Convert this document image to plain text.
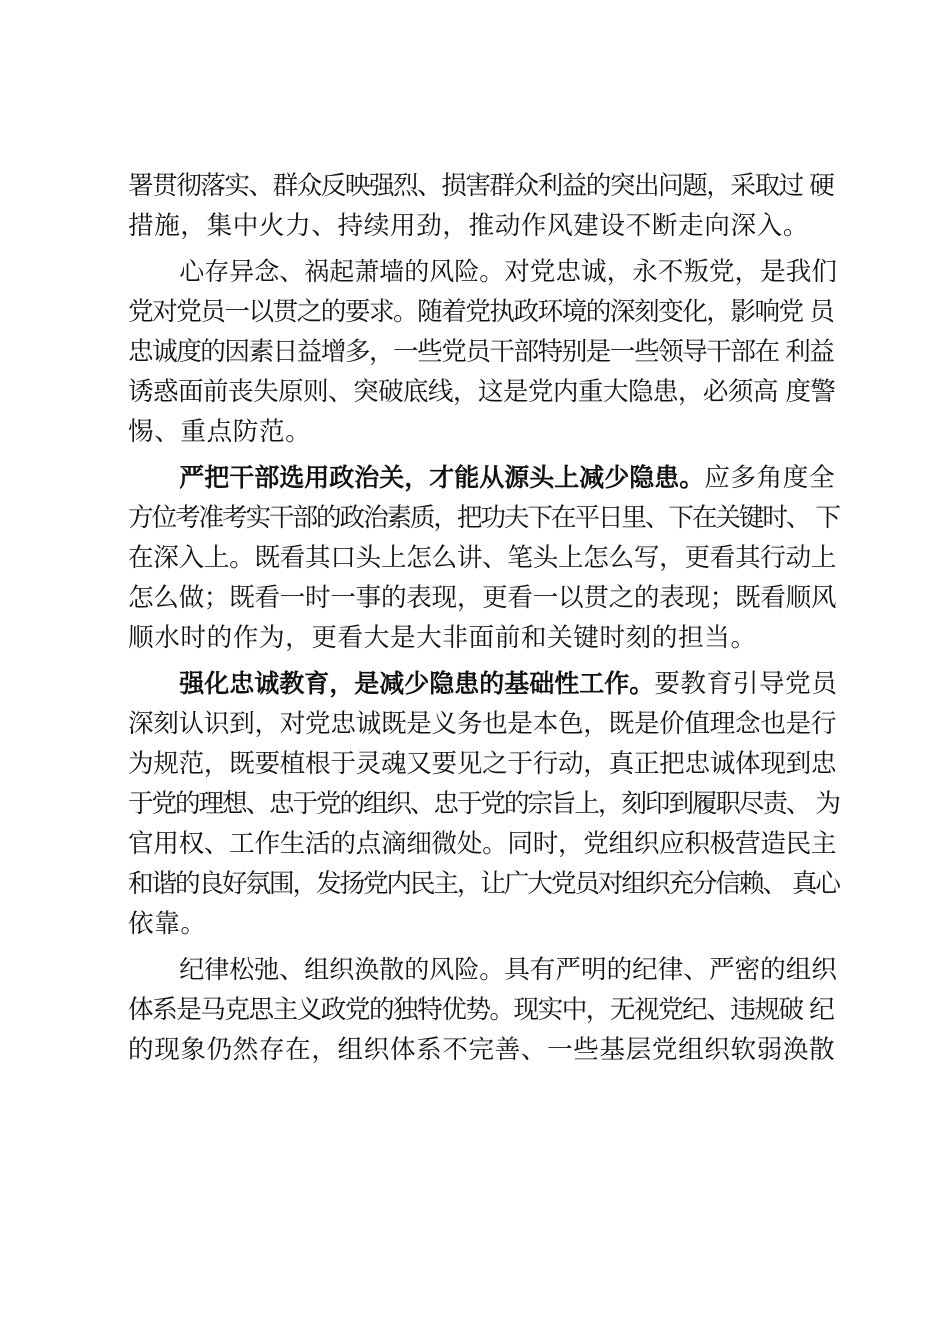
署贯彻落实、群众反映强烈、损害群众利益的突出问题，采取过 硬
措施，集中火力、持续用劲，推动作风建设不断走向深入。

心存异念、祸起萧墙的风险。对党忠诚，永不叛党，是我们
党对党员一以贯之的要求。随着党执政环境的深刻变化，影响党 员
忠诚度的因素日益增多，一些党员干部特别是一些领导干部在 利益
诱惑面前丧失原则、突破底线，这是党内重大隐患，必须高 度警
惕、重点防范。

严把干部选用政治关，才能从源头上减少隐患。应多角度全
方位考准考实干部的政治素质，把功夫下在平日里、下在关键时、 下
在深入上。既看其口头上怎么讲、笔头上怎么写，更看其行动上
怎么做；既看一时一事的表现，更看一以贯之的表现；既看顺风
顺水时的作为，更看大是大非面前和关键时刻的担当。

强化忠诚教育，是减少隐患的基础性工作。要教育引导党员
深刻认识到，对党忠诚既是义务也是本色，既是价值理念也是行
为规范，既要植根于灵魂又要见之于行动，真正把忠诚体现到忠
于党的理想、忠于党的组织、忠于党的宗旨上，刻印到履职尽责、 为
官用权、工作生活的点滴细微处。同时，党组织应积极营造民主
和谐的良好氛围，发扬党内民主，让广大党员对组织充分信赖、 真心
依靠。

纪律松弛、组织涣散的风险。具有严明的纪律、严密的组织
体系是马克思主义政党的独特优势。现实中，无视党纪、违规破 纪
的现象仍然存在，组织体系不完善、一些基层党组织软弱涣散
